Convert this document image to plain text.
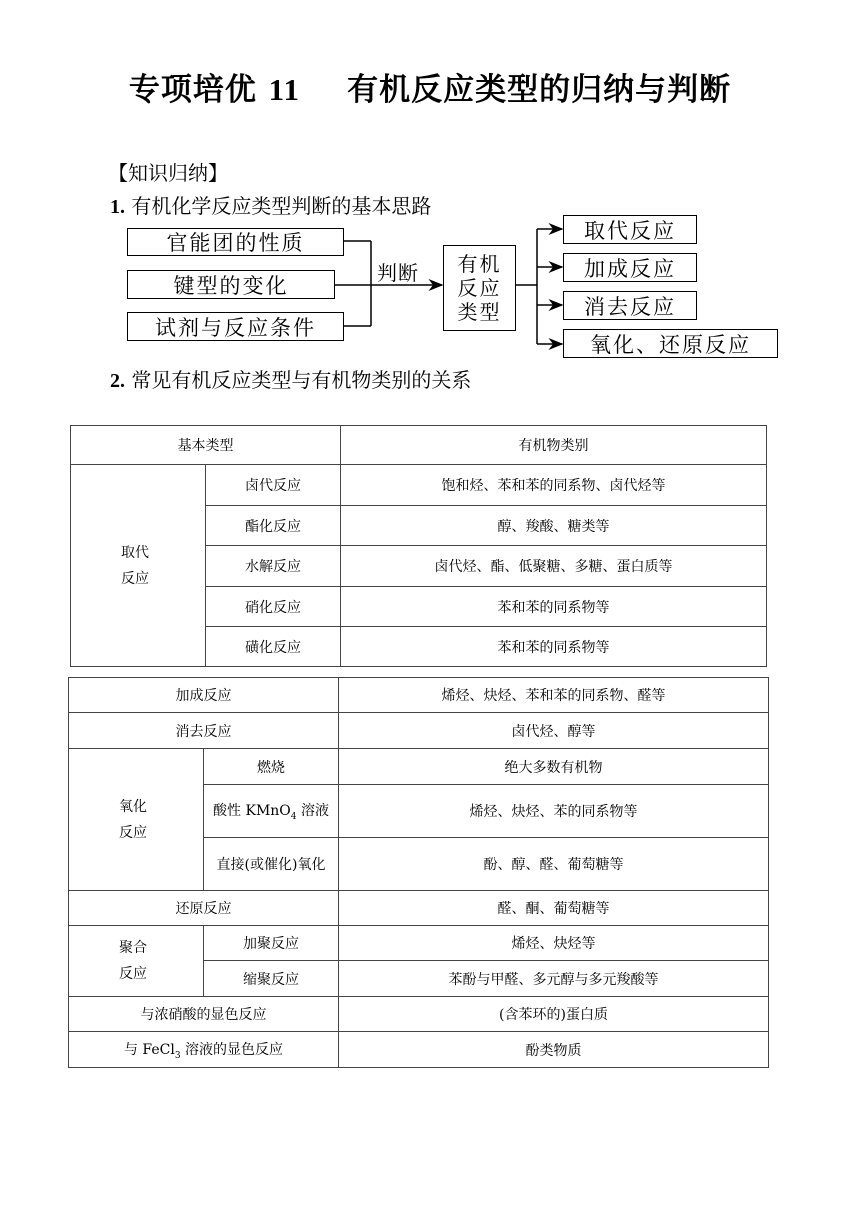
专项培优 11 有机反应类型的归纳与判断
【知识归纳】
1. 有机化学反应类型判断的基本思路
官能团的性质
键型的变化
试剂与反应条件
判断 有机
反应
类型
取代反应
加成反应
消去反应
氧化、还原反应
2. 常见有机反应类型与有机物类别的关系
基本类型		有机物类别
取代
反应	卤代反应	饱和烃、苯和苯的同系物、卤代烃等
	酯化反应	醇、羧酸、糖类等
	水解反应	卤代烃、酯、低聚糖、多糖、蛋白质等
	硝化反应	苯和苯的同系物等
	磺化反应	苯和苯的同系物等
加成反应		烯烃、炔烃、苯和苯的同系物、醛等
消去反应		卤代烃、醇等
氧化
反应	燃烧	绝大多数有机物
	酸性 KMnO$_4$ 溶液	烯烃、炔烃、苯的同系物等
	直接(或催化)氧化	酚、醇、醛、葡萄糖等
还原反应		醛、酮、葡萄糖等
聚合
反应	加聚反应	烯烃、炔烃等
	缩聚反应	苯酚与甲醛、多元醇与多元羧酸等
与浓硝酸的显色反应		(含苯环的)蛋白质
与 FeCl$_3$ 溶液的显色反应		酚类物质
